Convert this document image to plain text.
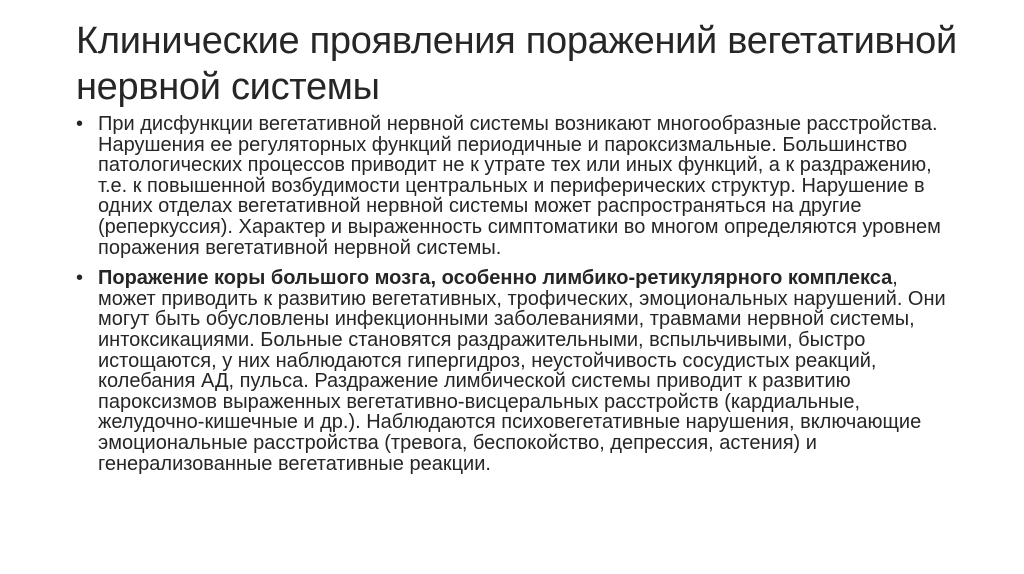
Клинические проявления поражений вегетативной нервной системы
• При дисфункции вегетативной нервной системы возникают многообразные расстройства. Нарушения ее регуляторных функций периодичные и пароксизмальные. Большинство патологических процессов приводит не к утрате тех или иных функций, а к раздражению, т.е. к повышенной возбудимости центральных и периферических структур. Нарушение в одних отделах вегетативной нервной системы может распространяться на другие (реперкуссия). Характер и выраженность симптоматики во многом определяются уровнем поражения вегетативной нервной системы.
• Поражение коры большого мозга, особенно лимбико-ретикулярного комплекса, может приводить к развитию вегетативных, трофических, эмоциональных нарушений. Они могут быть обусловлены инфекционными заболеваниями, травмами нервной системы, интоксикациями. Больные становятся раздражительными, вспыльчивыми, быстро истощаются, у них наблюдаются гипергидроз, неустойчивость сосудистых реакций, колебания АД, пульса. Раздражение лимбической системы приводит к развитию пароксизмов выраженных вегетативно-висцеральных расстройств (кардиальные, желудочно-кишечные и др.). Наблюдаются психовегетативные нарушения, включающие эмоциональные расстройства (тревога, беспокойство, депрессия, астения) и генерализованные вегетативные реакции.
